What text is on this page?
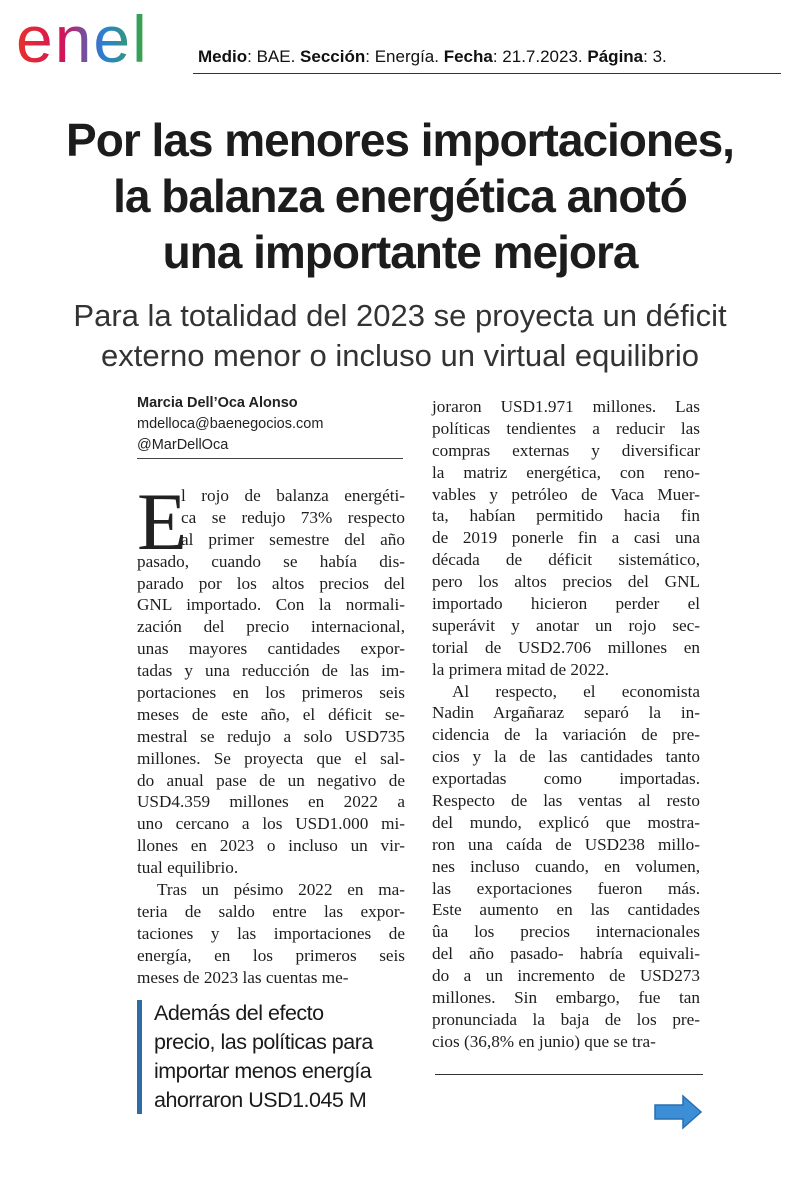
enel	Medio: BAE. Sección: Energía. Fecha: 21.7.2023. Página: 3.
Por las menores importaciones,
la balanza energética anotó
una importante mejora
Para la totalidad del 2023 se proyecta un déficit
externo menor o incluso un virtual equilibrio
Marcia Dell’Oca Alonso
mdelloca@baenegocios.com
@MarDellOca
E
l rojo de balanza energéti-
ca se redujo 73% respecto
al primer semestre del año
pasado, cuando se había dis-
parado por los altos precios del
GNL importado. Con la normali-
zación del precio internacional,
unas mayores cantidades expor-
tadas y una reducción de las im-
portaciones en los primeros seis
meses de este año, el déficit se-
mestral se redujo a solo USD735
millones. Se proyecta que el sal-
do anual pase de un negativo de
USD4.359 millones en 2022 a
uno cercano a los USD1.000 mi-
llones en 2023 o incluso un vir-
tual equilibrio.
Tras un pésimo 2022 en ma-
teria de saldo entre las expor-
taciones y las importaciones de
energía, en los primeros seis
meses de 2023 las cuentas me-
joraron USD1.971 millones. Las
políticas tendientes a reducir las
compras externas y diversificar
la matriz energética, con reno-
vables y petróleo de Vaca Muer-
ta, habían permitido hacia fin
de 2019 ponerle fin a casi una
década de déficit sistemático,
pero los altos precios del GNL
importado hicieron perder el
superávit y anotar un rojo sec-
torial de USD2.706 millones en
la primera mitad de 2022.
Al respecto, el economista
Nadin Argañaraz separó la in-
cidencia de la variación de pre-
cios y la de las cantidades tanto
exportadas como importadas.
Respecto de las ventas al resto
del mundo, explicó que mostra-
ron una caída de USD238 millo-
nes incluso cuando, en volumen,
las exportaciones fueron más.
Este aumento en las cantidades
ûa los precios internacionales
del año pasado- habría equivali-
do a un incremento de USD273
millones. Sin embargo, fue tan
pronunciada la baja de los pre-
cios (36,8% en junio) que se tra-
Además del efecto
precio, las políticas para
importar menos energía
ahorraron USD1.045 M
